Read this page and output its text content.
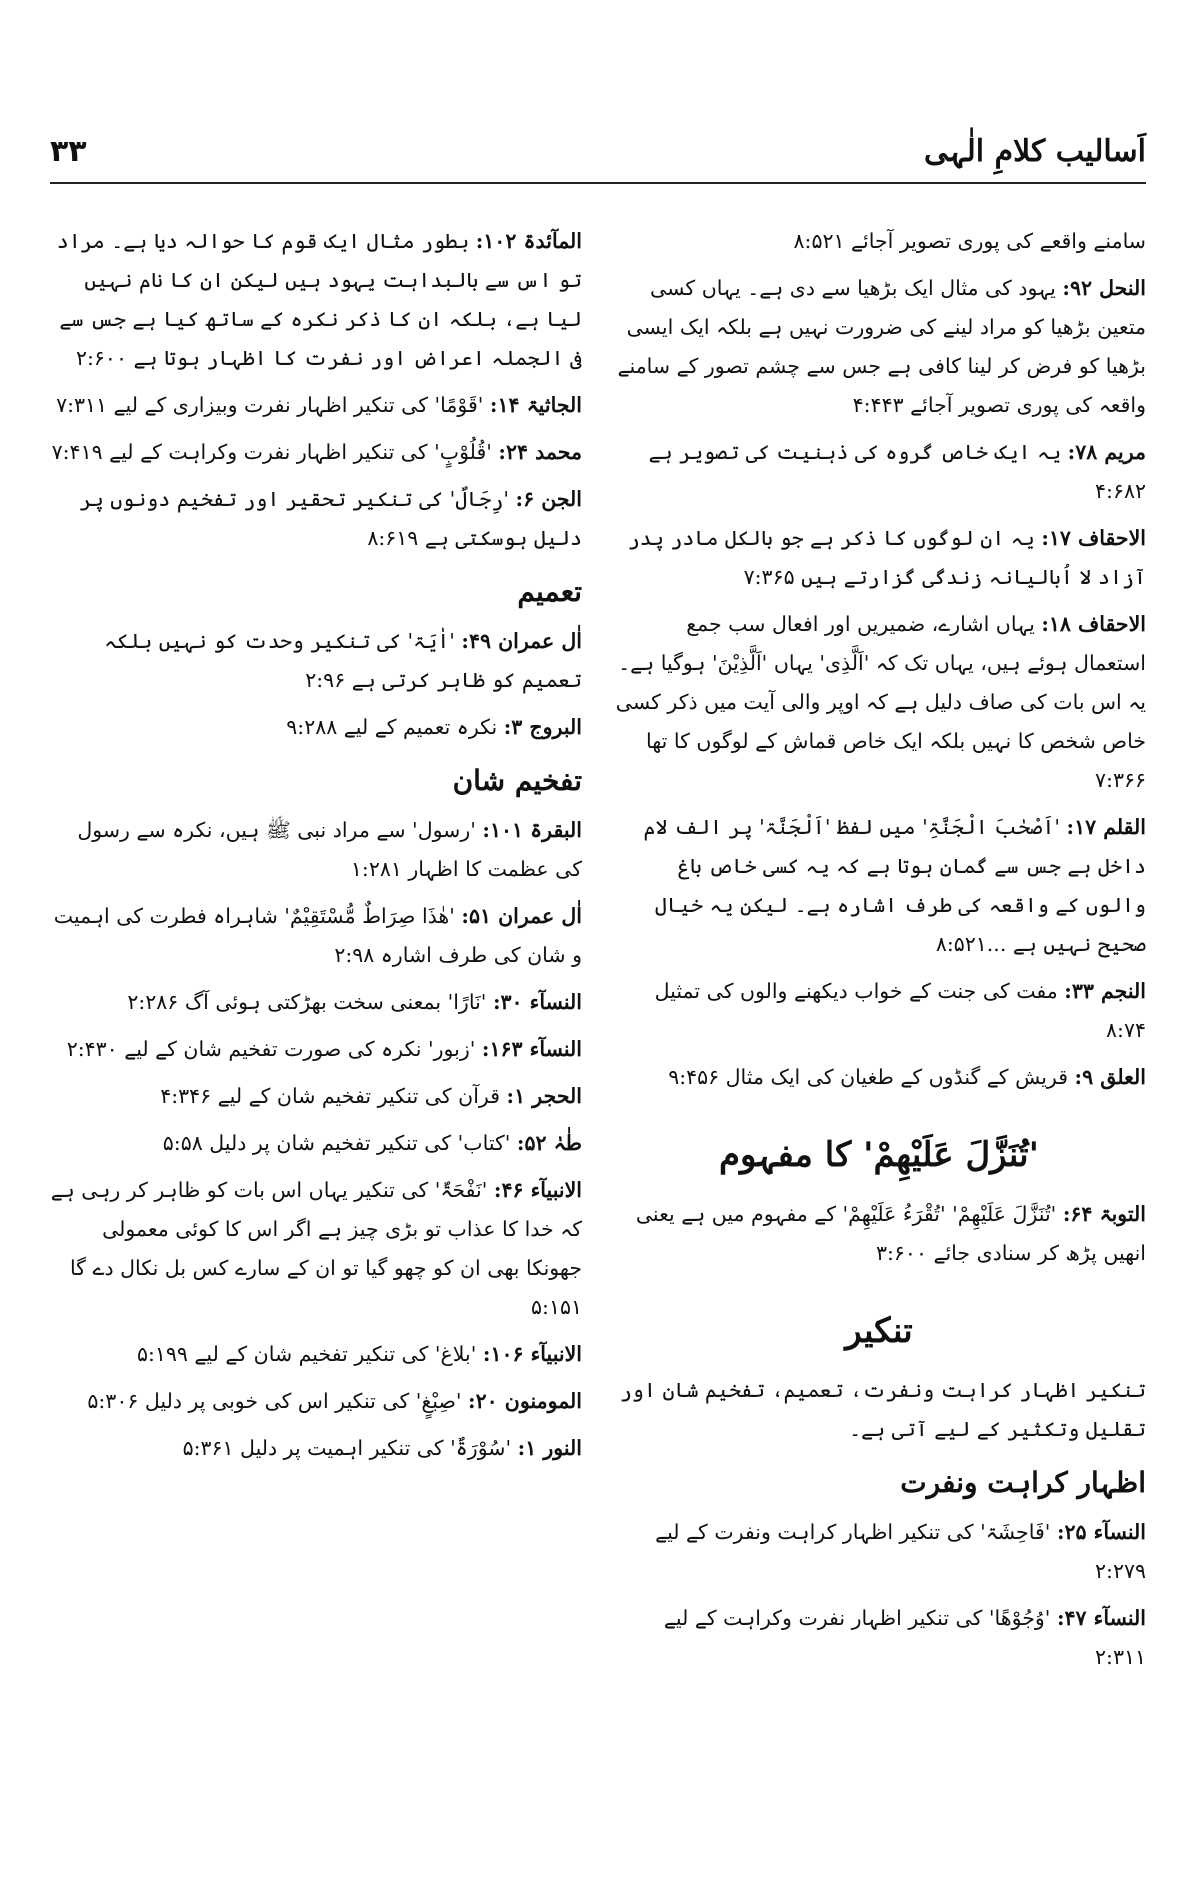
اَسالیب کلامِ الٰہی
۳۳

سامنے واقعے کی پوری تصویر آجائے ۸:۵۲۱

النحل ۹۲: یہود کی مثال ایک بڑھیا سے دی ہے۔ یہاں کسی متعین بڑھیا کو مراد لینے کی ضرورت نہیں ہے بلکہ ایک ایسی بڑھیا کو فرض کر لینا کافی ہے جس سے چشم تصور کے سامنے واقعہ کی پوری تصویر آجائے ۴:۴۴۳

مریم ۷۸: یہ ایک خاص گروہ کی ذہنیت کی تصویر ہے ۴:۶۸۲

الاحقاف ۱۷: یہ ان لوگوں کا ذکر ہے جو بالکل مادر پدر آزاد لا اُبالیانہ زندگی گزارتے ہیں ۷:۳۶۵

الاحقاف ۱۸: یہاں اشارے، ضمیریں اور افعال سب جمع استعمال ہوئے ہیں، یہاں تک کہ 'اَلَّذِی' یہاں 'اَلَّذِیْنَ' ہوگیا ہے۔ یہ اس بات کی صاف دلیل ہے کہ اوپر والی آیت میں ذکر کسی خاص شخص کا نہیں بلکہ ایک خاص قماش کے لوگوں کا تھا ۷:۳۶۶

القلم ۱۷: 'اَصْحٰبَ الْجَنَّۃِ' میں لفظ 'اَلْجَنَّۃ' پر الف لام داخل ہے جس سے گمان ہوتا ہے کہ یہ کسی خاص باغ والوں کے واقعہ کی طرف اشارہ ہے۔ لیکن یہ خیال صحیح نہیں ہے ...۸:۵۲۱

النجم ۳۳: مفت کی جنت کے خواب دیکھنے والوں کی تمثیل ۸:۷۴

العلق ۹: قریش کے گنڈوں کے طغیان کی ایک مثال ۹:۴۵۶

'تُنَزَّلَ عَلَیْھِمْ' کا مفہوم

التوبۃ ۶۴: 'تُنَزَّلَ عَلَیْھِمْ' 'تُقْرَءُ عَلَیْھِمْ' کے مفہوم میں ہے یعنی انھیں پڑھ کر سنادی جائے ۳:۶۰۰

تنکیر

تنکیر اظہار کراہت ونفرت، تعمیم، تفخیم شان اور تقلیل وتکثیر کے لیے آتی ہے۔

اظہار کراہت ونفرت

النسآء ۲۵: 'فَاحِشَۃ' کی تنکیر اظہار کراہت ونفرت کے لیے ۲:۲۷۹

النسآء ۴۷: 'وُجُوْھًا' کی تنکیر اظہار نفرت وکراہت کے لیے ۲:۳۱۱

المآئدۃ ۱۰۲: بطور مثال ایک قوم کا حوالہ دیا ہے۔ مراد تو اس سے بالبداہت یہود ہیں لیکن ان کا نام نہیں لیا ہے، بلکہ ان کا ذکر نکرہ کے ساتھ کیا ہے جس سے فی الجملہ اعراض اور نفرت کا اظہار ہوتا ہے ۲:۶۰۰

الجاثیۃ ۱۴: 'قَوْمًا' کی تنکیر اظہار نفرت وبیزاری کے لیے ۷:۳۱۱

محمد ۲۴: 'قُلُوْبٍ' کی تنکیر اظہار نفرت وکراہت کے لیے ۷:۴۱۹

الجن ۶: 'رِجَالٌ' کی تنکیر تحقیر اور تفخیم دونوں پر دلیل ہوسکتی ہے ۸:۶۱۹

تعمیم

اٰل عمران ۴۹: 'اٰیَۃ' کی تنکیر وحدت کو نہیں بلکہ تعمیم کو ظاہر کرتی ہے ۲:۹۶

البروج ۳: نکرہ تعمیم کے لیے ۹:۲۸۸

تفخیم شان

البقرۃ ۱۰۱: 'رسول' سے مراد نبی ﷺ ہیں، نکرہ سے رسول کی عظمت کا اظہار ۱:۲۸۱

اٰل عمران ۵۱: 'ھٰذَا صِرَاطٌ مُّسْتَقِیْمٌ' شاہراہ فطرت کی اہمیت و شان کی طرف اشارہ ۲:۹۸

النسآء ۳۰: 'نَارًا' بمعنی سخت بھڑکتی ہوئی آگ ۲:۲۸۶

النسآء ۱۶۳: 'زبور' نکرہ کی صورت تفخیم شان کے لیے ۲:۴۳۰

الحجر ۱: قرآن کی تنکیر تفخیم شان کے لیے ۴:۳۴۶

طٰہٰ ۵۲: 'کتاب' کی تنکیر تفخیم شان پر دلیل ۵:۵۸

الانبیآء ۴۶: 'نَفْحَۃٌ' کی تنکیر یہاں اس بات کو ظاہر کر رہی ہے کہ خدا کا عذاب تو بڑی چیز ہے اگر اس کا کوئی معمولی جھونکا بھی ان کو چھو گیا تو ان کے سارے کس بل نکال دے گا ۵:۱۵۱

الانبیآء ۱۰۶: 'بلاغ' کی تنکیر تفخیم شان کے لیے ۵:۱۹۹

المومنون ۲۰: 'صِبْغٍ' کی تنکیر اس کی خوبی پر دلیل ۵:۳۰۶

النور ۱: 'سُوْرَۃٌ' کی تنکیر اہمیت پر دلیل ۵:۳۶۱
